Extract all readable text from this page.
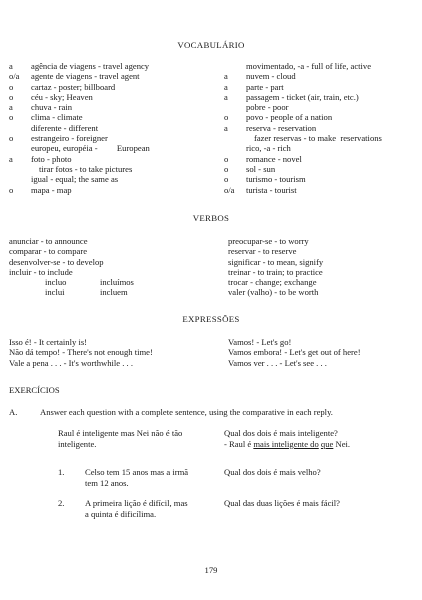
VOCABULÁRIO
a	agência de viagens - travel agency
o/a	agente de viagens - travel agent
o	cartaz - poster; billboard
o	céu - sky; Heaven
a	chuva - rain
o	clima - climate
diferente - different
o	estrangeiro - foreigner
europeu, européia -         European
a	foto - photo
tirar fotos - to take pictures
igual - equal; the same as
o	mapa - map
movimentado, -a - full of life, active
a	nuvem - cloud
a	parte - part
a	passagem - ticket (air, train, etc.)
pobre - poor
o	povo - people of a nation
a	reserva - reservation
fazer reservas - to make  reservations
rico, -a - rich
o	romance - novel
o	sol - sun
o	turismo - tourism
o/a	turista - tourist
VERBOS
anunciar - to announce
comparar - to compare
desenvolver-se - to develop
incluir - to include
incluo	incluímos
inclui	incluem
preocupar-se - to worry
reservar - to reserve
significar - to mean, signify
treinar - to train; to practice
trocar - change; exchange
valer (valho) - to be worth
EXPRESSÕES
Isso é! - It certainly is!
Não dá tempo! - There's not enough time!
Vale a pena . . . - It's worthwhile . . .
Vamos! - Let's go!
Vamos embora! - Let's get out of here!
Vamos ver . . . - Let's see . . .
EXERCÍCIOS
A.	Answer each question with a complete sentence, using the comparative in each reply.
Raul é inteligente mas Nei não é tão
inteligente.
Qual dos dois é mais inteligente?
- Raul é mais inteligente do que Nei.
1. Celso tem 15 anos mas a irmã
tem 12 anos.
Qual dos dois é mais velho?
2. A primeira lição é difícil, mas
a quinta é dificílima.
Qual das duas lições é mais fácil?
179
